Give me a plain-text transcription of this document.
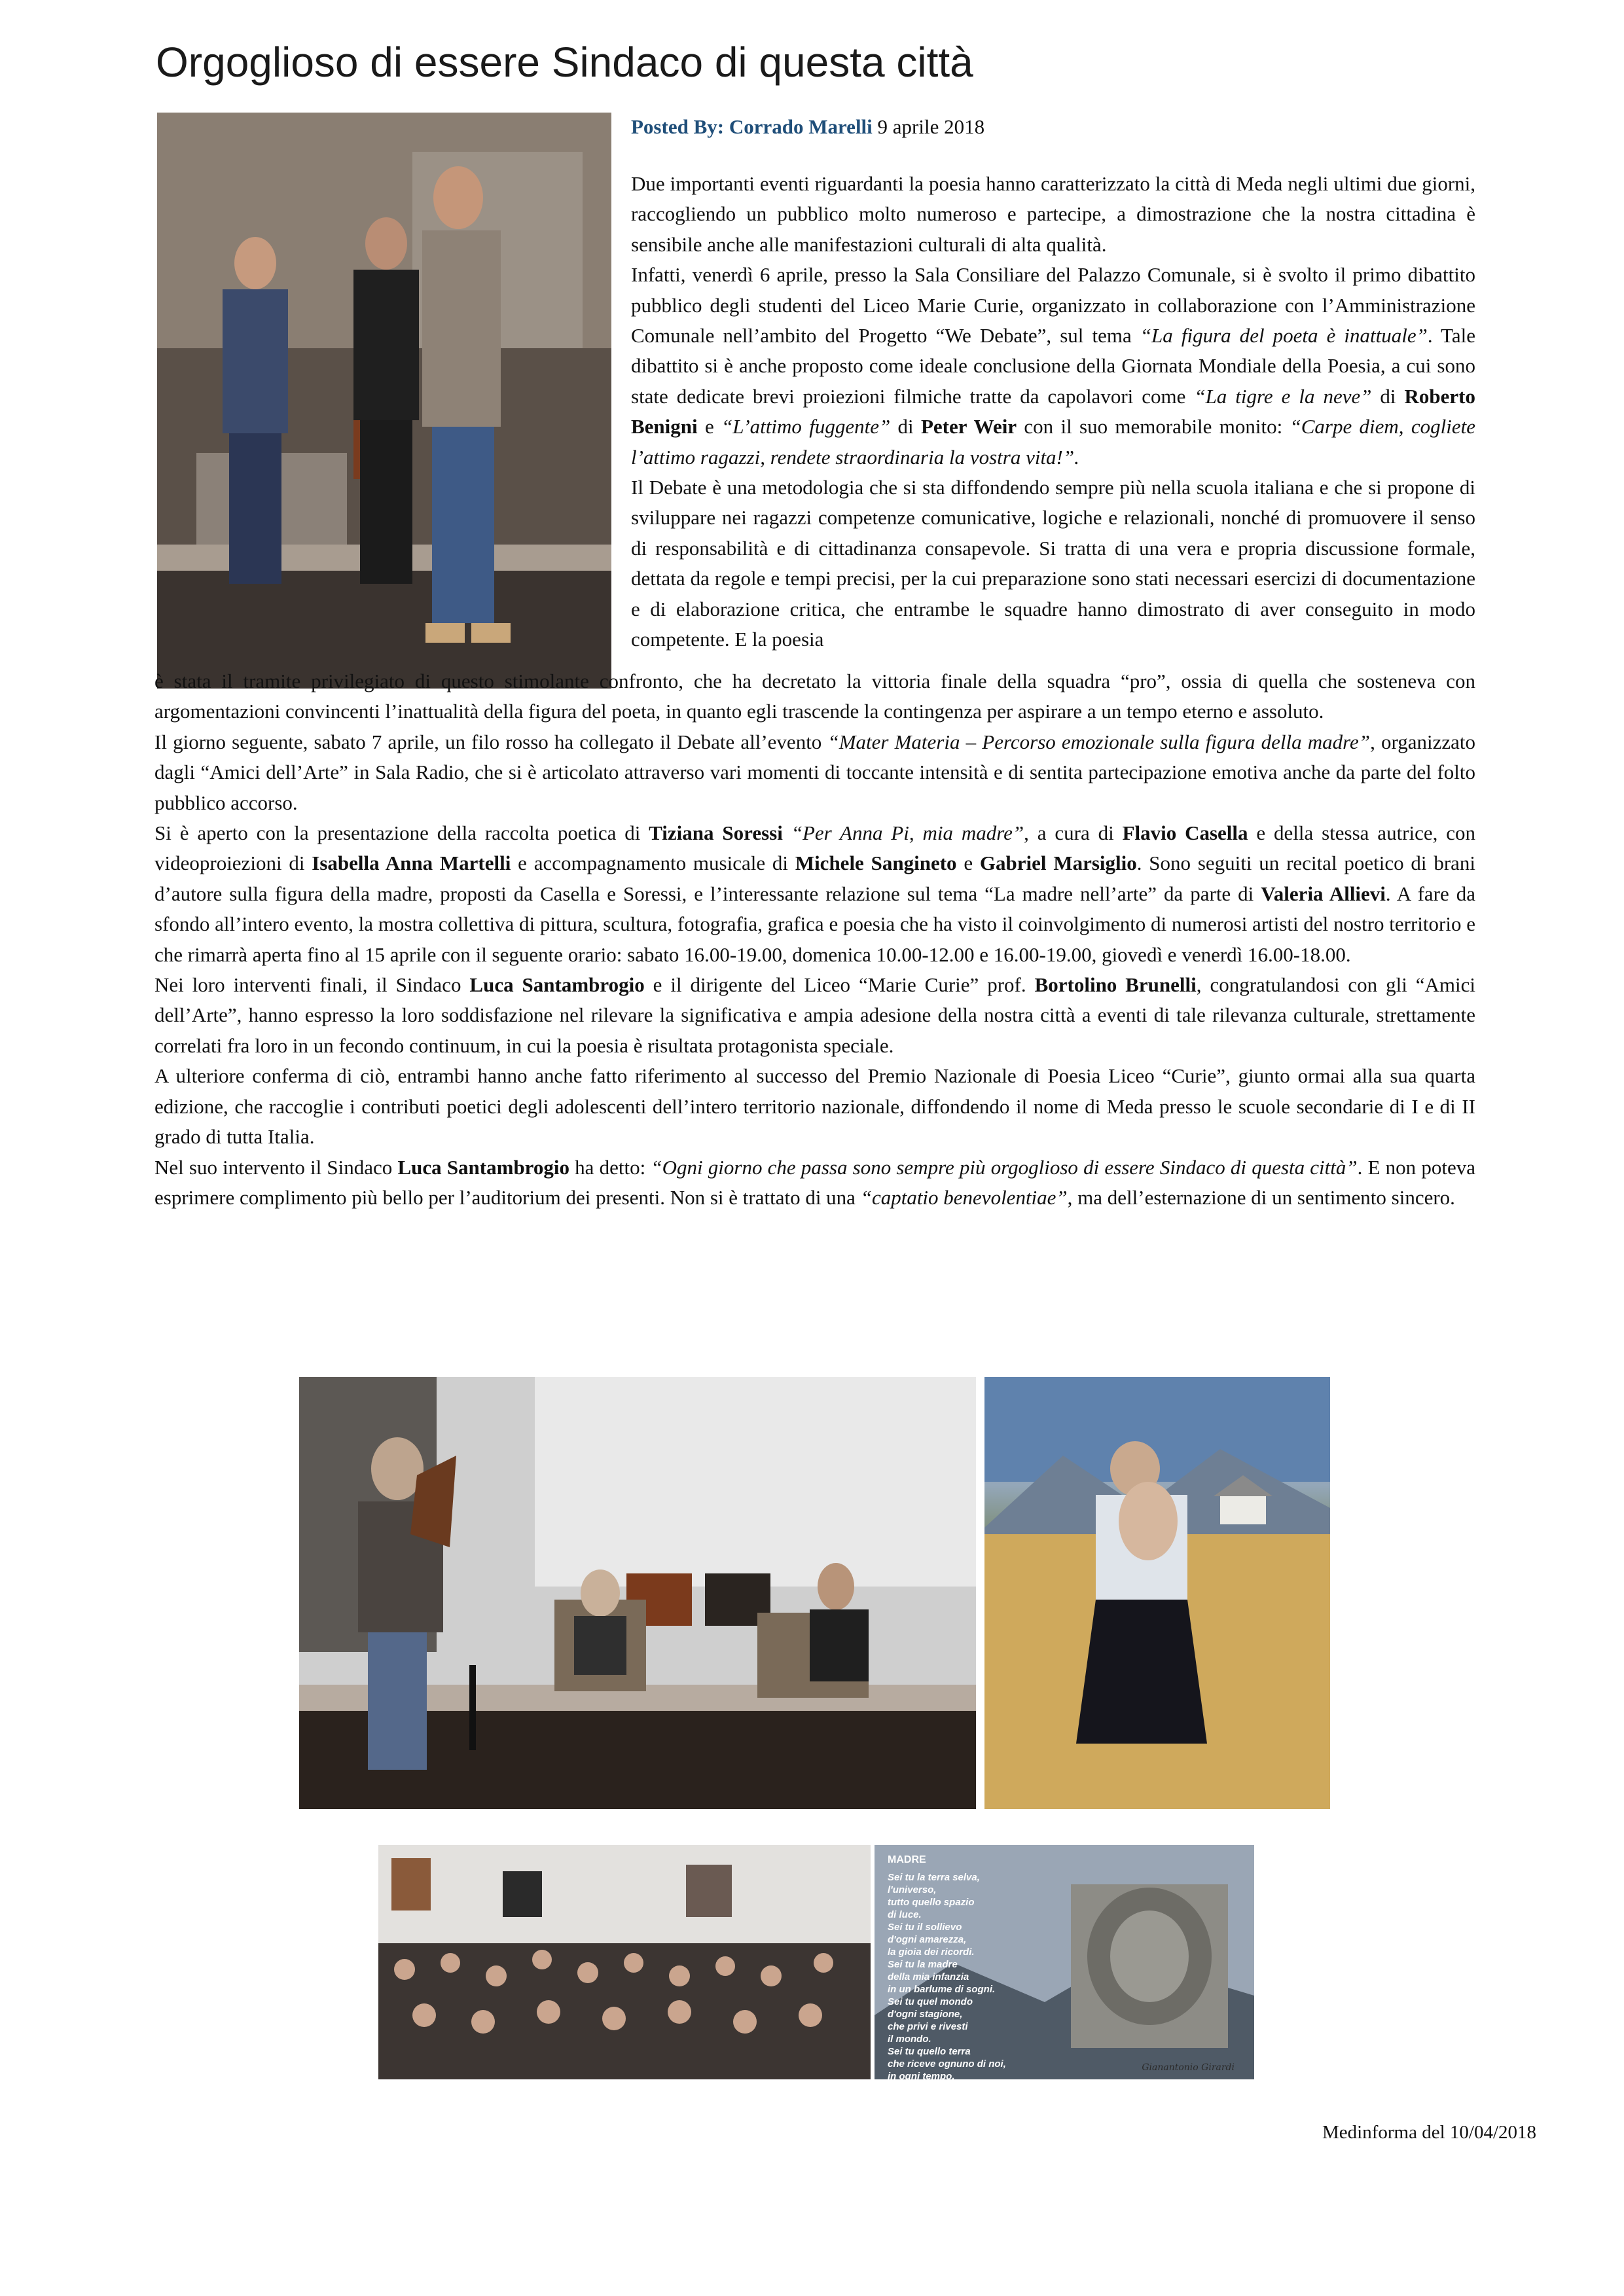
Orgoglioso di essere Sindaco di questa città
Posted By: Corrado Marelli 9 aprile 2018

Due importanti eventi riguardanti la poesia hanno caratterizzato la città di Meda negli ultimi due giorni, raccogliendo un pubblico molto numeroso e partecipe, a dimostrazione che la nostra cittadina è sensibile anche alle manifestazioni culturali di alta qualità.

Infatti, venerdì 6 aprile, presso la Sala Consiliare del Palazzo Comunale, si è svolto il primo dibattito pubblico degli studenti del Liceo Marie Curie, organizzato in collaborazione con l’Amministrazione Comunale nell’ambito del Progetto “We Debate”, sul tema “La figura del poeta è inattuale”. Tale dibattito si è anche proposto come ideale conclusione della Giornata Mondiale della Poesia, a cui sono state dedicate brevi proiezioni filmiche tratte da capolavori come “La tigre e la neve” di Roberto Benigni e “L’attimo fuggente” di Peter Weir con il suo memorabile monito: “Carpe diem, cogliete l’attimo ragazzi, rendete straordinaria la vostra vita!”.

Il Debate è una metodologia che si sta diffondendo sempre più nella scuola italiana e che si propone di sviluppare nei ragazzi competenze comunicative, logiche e relazionali, nonché di promuovere il senso di responsabilità e di cittadinanza consapevole. Si tratta di una vera e propria discussione formale, dettata da regole e tempi precisi, per la cui preparazione sono stati necessari esercizi di documentazione e di elaborazione critica, che entrambe le squadre hanno dimostrato di aver conseguito in modo competente. E la poesia

è stata il tramite privilegiato di questo stimolante confronto, che ha decretato la vittoria finale della squadra “pro”, ossia di quella che sosteneva con argomentazioni convincenti l’inattualità della figura del poeta, in quanto egli trascende la contingenza per aspirare a un tempo eterno e assoluto.

Il giorno seguente, sabato 7 aprile, un filo rosso ha collegato il Debate all’evento “Mater Materia – Percorso emozionale sulla figura della madre”, organizzato dagli “Amici dell’Arte” in Sala Radio, che si è articolato attraverso vari momenti di toccante intensità e di sentita partecipazione emotiva anche da parte del folto pubblico accorso.

Si è aperto con la presentazione della raccolta poetica di Tiziana Soressi “Per Anna Pi, mia madre”, a cura di Flavio Casella e della stessa autrice, con videoproiezioni di Isabella Anna Martelli e accompagnamento musicale di Michele Sangineto e Gabriel Marsiglio. Sono seguiti un recital poetico di brani d’autore sulla figura della madre, proposti da Casella e Soressi, e l’interessante relazione sul tema “La madre nell’arte” da parte di Valeria Allievi. A fare da sfondo all’intero evento, la mostra collettiva di pittura, scultura, fotografia, grafica e poesia che ha visto il coinvolgimento di numerosi artisti del nostro territorio e che rimarrà aperta fino al 15 aprile con il seguente orario: sabato 16.00-19.00, domenica 10.00-12.00 e 16.00-19.00, giovedì e venerdì 16.00-18.00.

Nei loro interventi finali, il Sindaco Luca Santambrogio e il dirigente del Liceo “Marie Curie” prof. Bortolino Brunelli, congratulandosi con gli “Amici dell’Arte”, hanno espresso la loro soddisfazione nel rilevare la significativa e ampia adesione della nostra città a eventi di tale rilevanza culturale, strettamente correlati fra loro in un fecondo continuum, in cui la poesia è risultata protagonista speciale.

A ulteriore conferma di ciò, entrambi hanno anche fatto riferimento al successo del Premio Nazionale di Poesia Liceo “Curie”, giunto ormai alla sua quarta edizione, che raccoglie i contributi poetici degli adolescenti dell’intero territorio nazionale, diffondendo il nome di Meda presso le scuole secondarie di I e di II grado di tutta Italia.

Nel suo intervento il Sindaco Luca Santambrogio ha detto: “Ogni giorno che passa sono sempre più orgoglioso di essere Sindaco di questa città”. E non poteva esprimere complimento più bello per l’auditorium dei presenti. Non si è trattato di una “captatio benevolentiae”, ma dell’esternazione di un sentimento sincero.

MADRE
Sei tu la terra selva,
l'universo,
tutto quello spazio
di luce.
Sei tu il sollievo
d'ogni amarezza,
la gioia dei ricordi.
Sei tu la madre
della mia infanzia
in un barlume di sogni.
Sei tu quel mondo
d'ogni stagione,
che privi e rivesti
il mondo.
Sei tu quello terra
che riceve ognuno di noi,
in ogni tempo.
Madre,
l'unica speranza sarà
il cielo che ci farà
ritrovare ancora insieme.
Gianantonio Girardi
Medinforma del 10/04/2018
